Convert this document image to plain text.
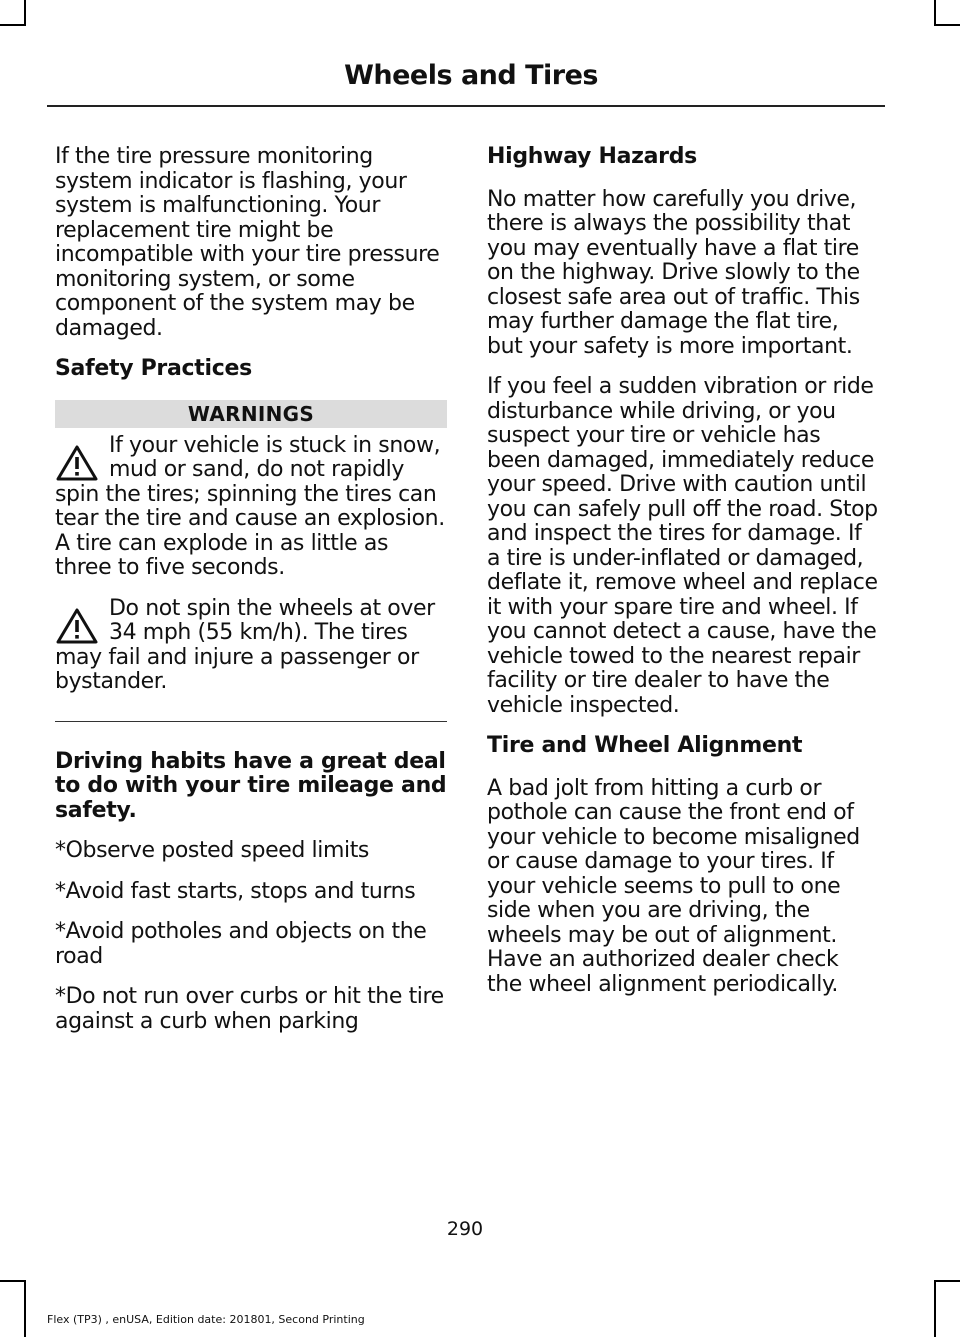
Wheels and Tires

If the tire pressure monitoring system indicator is flashing, your system is malfunctioning. Your replacement tire might be incompatible with your tire pressure monitoring system, or some component of the system may be damaged.

Safety Practices
WARNINGS
If your vehicle is stuck in snow, mud or sand, do not rapidly spin the tires; spinning the tires can tear the tire and cause an explosion. A tire can explode in as little as three to five seconds.
Do not spin the wheels at over 34 mph (55 km/h). The tires may fail and injure a passenger or bystander.
Driving habits have a great deal to do with your tire mileage and safety.

*Observe posted speed limits

*Avoid fast starts, stops and turns

*Avoid potholes and objects on the road

*Do not run over curbs or hit the tire against a curb when parking

Highway Hazards

No matter how carefully you drive, there is always the possibility that you may eventually have a flat tire on the highway. Drive slowly to the closest safe area out of traffic. This may further damage the flat tire, but your safety is more important.

If you feel a sudden vibration or ride disturbance while driving, or you suspect your tire or vehicle has been damaged, immediately reduce your speed. Drive with caution until you can safely pull off the road. Stop and inspect the tires for damage. If a tire is under-inflated or damaged, deflate it, remove wheel and replace it with your spare tire and wheel. If you cannot detect a cause, have the vehicle towed to the nearest repair facility or tire dealer to have the vehicle inspected.

Tire and Wheel Alignment

A bad jolt from hitting a curb or pothole can cause the front end of your vehicle to become misaligned or cause damage to your tires. If your vehicle seems to pull to one side when you are driving, the wheels may be out of alignment. Have an authorized dealer check the wheel alignment periodically.

290
Flex (TP3) , enUSA, Edition date: 201801, Second Printing
